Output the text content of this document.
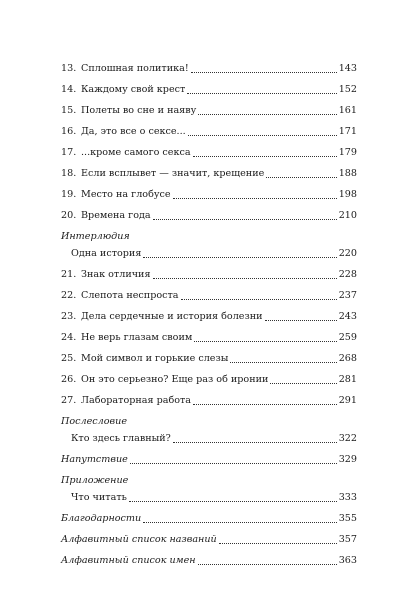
13. Сплошная политика!	143
14. Каждому свой крест	152
15. Полеты во сне и наяву	161
16. Да, это все о сексе...	171
17. ...кроме самого секса	179
18. Если всплывет — значит, крещение	188
19. Место на глобусе	198
20. Времена года	210
Интерлюдия
Одна история	220
21. Знак отличия	228
22. Слепота неспроста	237
23. Дела сердечные и история болезни	243
24. Не верь глазам своим	259
25. Мой символ и горькие слезы	268
26. Он это серьезно? Еще раз об иронии	281
27. Лабораторная работа	291
Послесловие
Кто здесь главный?	322
Напутствие	329
Приложение
Что читать	333
Благодарности	355
Алфавитный список названий	357
Алфавитный список имен	363
